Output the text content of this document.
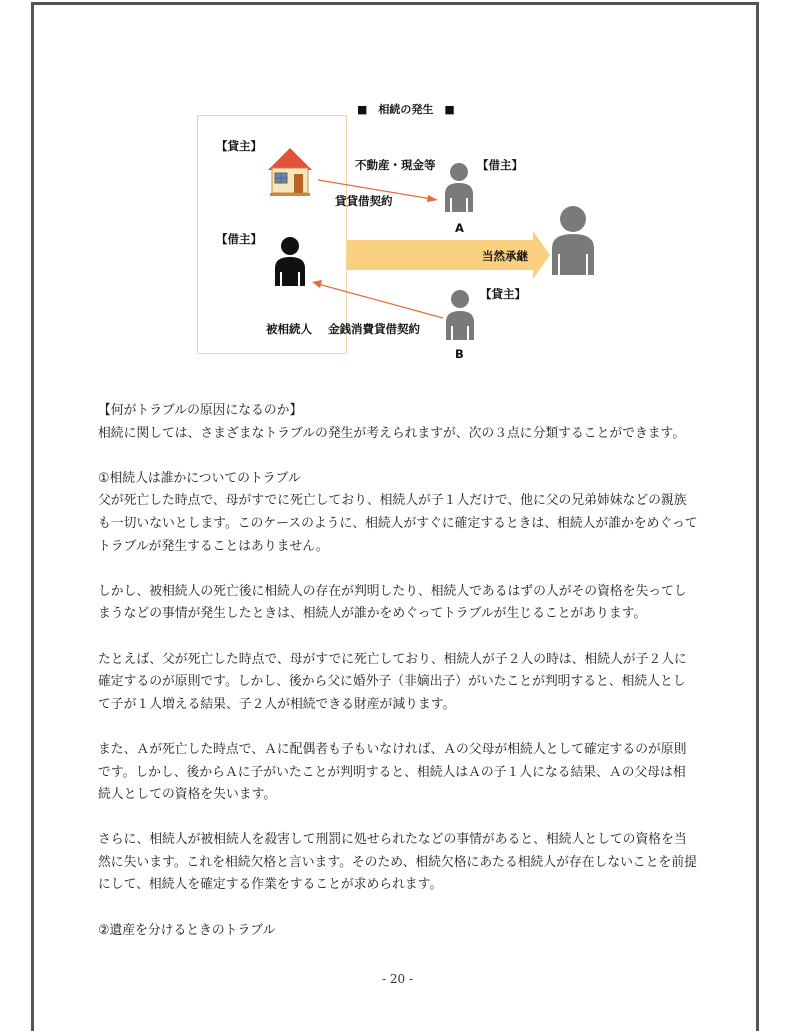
■　相続の発生　■
【貸主】
不動産・現金等	【借主】
貸貸借契約
A
【借主】
当然承継
【貸主】
被相続人 金銭消費貸借契約
B

【何がトラブルの原因になるのか】

相続に関しては、さまざまなトラブルの発生が考えられますが、次の３点に分類することができます。

①相続人は誰かについてのトラブル

父が死亡した時点で、母がすでに死亡しており、相続人が子１人だけで、他に父の兄弟姉妹などの親族も一切いないとします。このケースのように、相続人がすぐに確定するときは、相続人が誰かをめぐってトラブルが発生することはありません。

しかし、被相続人の死亡後に相続人の存在が判明したり、相続人であるはずの人がその資格を失ってしまうなどの事情が発生したときは、相続人が誰かをめぐってトラブルが生じることがあります。

たとえば、父が死亡した時点で、母がすでに死亡しており、相続人が子２人の時は、相続人が子２人に確定するのが原則です。しかし、後から父に婚外子（非嫡出子）がいたことが判明すると、相続人として子が１人増える結果、子２人が相続できる財産が減ります。

また、Ａが死亡した時点で、Ａに配偶者も子もいなければ、Ａの父母が相続人として確定するのが原則です。しかし、後からＡに子がいたことが判明すると、相続人はＡの子１人になる結果、Ａの父母は相続人としての資格を失います。

さらに、相続人が被相続人を殺害して刑罰に処せられたなどの事情があると、相続人としての資格を当然に失います。これを相続欠格と言います。そのため、相続欠格にあたる相続人が存在しないことを前提にして、相続人を確定する作業をすることが求められます。

②遺産を分けるときのトラブル

- 20 -
